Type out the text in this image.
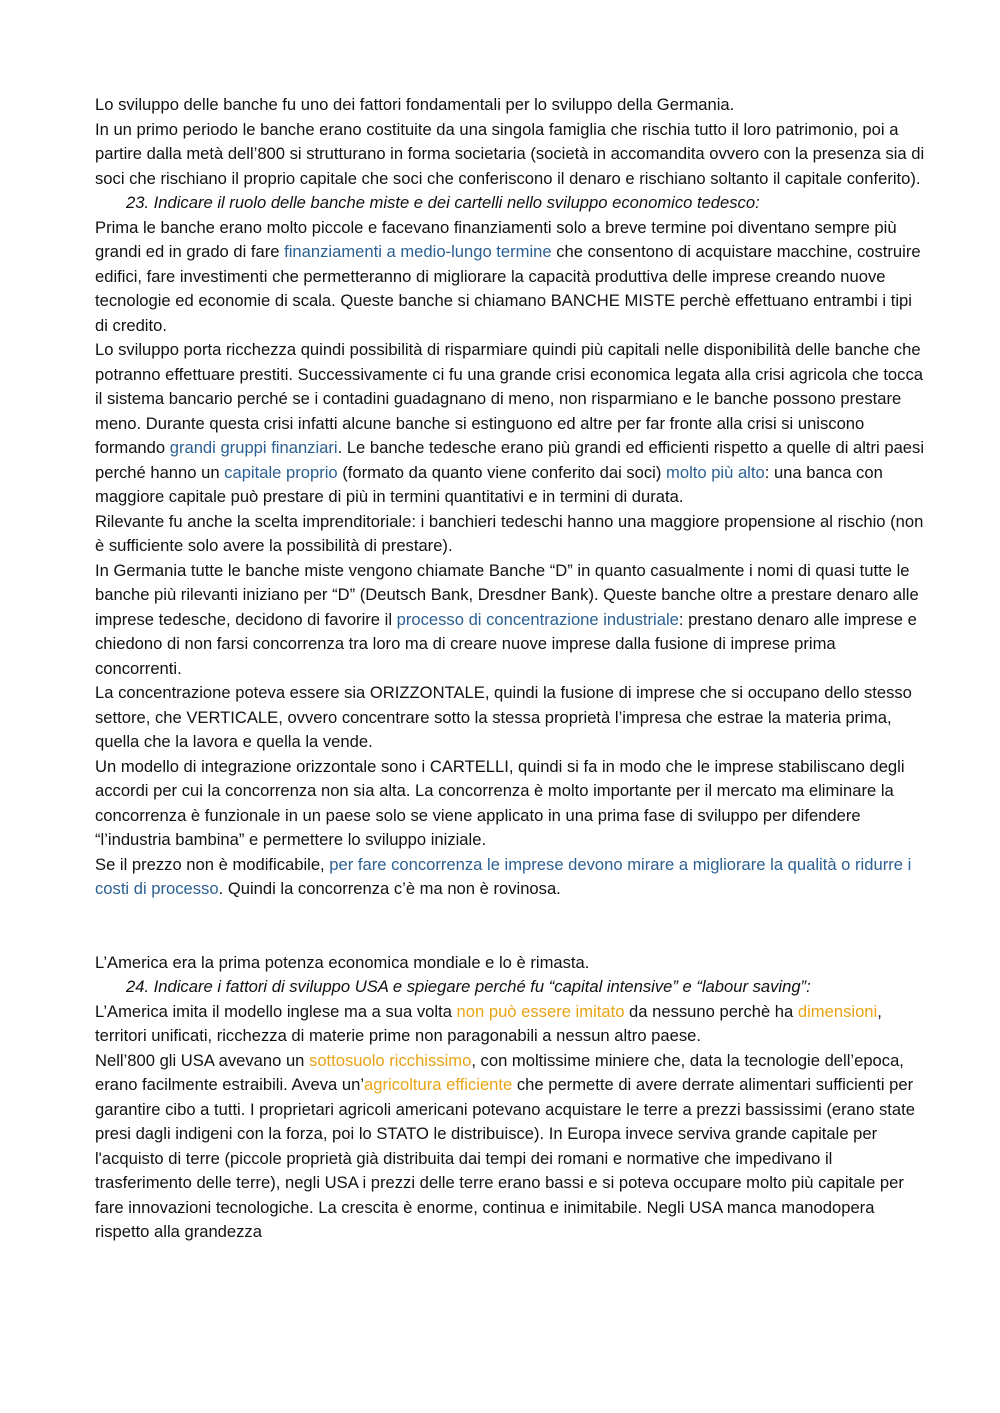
Lo sviluppo delle banche fu uno dei fattori fondamentali per lo sviluppo della Germania.

In un primo periodo le banche erano costituite da una singola famiglia che rischia tutto il loro patrimonio, poi a partire dalla metà dell’800 si strutturano in forma societaria (società in accomandita ovvero con la presenza sia di soci che rischiano il proprio capitale che soci che conferiscono il denaro e rischiano soltanto il capitale conferito).

23. Indicare il ruolo delle banche miste e dei cartelli nello sviluppo economico tedesco:

Prima le banche erano molto piccole e facevano finanziamenti solo a breve termine poi diventano sempre più grandi ed in grado di fare finanziamenti a medio-lungo termine che consentono di acquistare macchine, costruire edifici, fare investimenti che permetteranno di migliorare la capacità produttiva delle imprese creando nuove tecnologie ed economie di scala. Queste banche si chiamano BANCHE MISTE perchè effettuano entrambi i tipi di credito.

Lo sviluppo porta ricchezza quindi possibilità di risparmiare quindi più capitali nelle disponibilità delle banche che potranno effettuare prestiti. Successivamente ci fu una grande crisi economica legata alla crisi agricola che tocca il sistema bancario perché se i contadini guadagnano di meno, non risparmiano e le banche possono prestare meno. Durante questa crisi infatti alcune banche si estinguono ed altre per far fronte alla crisi si uniscono formando grandi gruppi finanziari. Le banche tedesche erano più grandi ed efficienti rispetto a quelle di altri paesi perché hanno un capitale proprio (formato da quanto viene conferito dai soci) molto più alto: una banca con maggiore capitale può prestare di più in termini quantitativi e in termini di durata.

Rilevante fu anche la scelta imprenditoriale: i banchieri tedeschi hanno una maggiore propensione al rischio (non è sufficiente solo avere la possibilità di prestare).

In Germania tutte le banche miste vengono chiamate Banche “D” in quanto casualmente i nomi di quasi tutte le banche più rilevanti iniziano per “D” (Deutsch Bank, Dresdner Bank). Queste banche oltre a prestare denaro alle imprese tedesche, decidono di favorire il processo di concentrazione industriale: prestano denaro alle imprese e chiedono di non farsi concorrenza tra loro ma di creare nuove imprese dalla fusione di imprese prima concorrenti.

La concentrazione poteva essere sia ORIZZONTALE, quindi la fusione di imprese che si occupano dello stesso settore, che VERTICALE, ovvero concentrare sotto la stessa proprietà l’impresa che estrae la materia prima, quella che la lavora e quella la vende.

Un modello di integrazione orizzontale sono i CARTELLI, quindi si fa in modo che le imprese stabiliscano degli accordi per cui la concorrenza non sia alta. La concorrenza è molto importante per il mercato ma eliminare la concorrenza è funzionale in un paese solo se viene applicato in una prima fase di sviluppo per difendere “l’industria bambina” e permettere lo sviluppo iniziale.

Se il prezzo non è modificabile, per fare concorrenza le imprese devono mirare a migliorare la qualità o ridurre i costi di processo. Quindi la concorrenza c’è ma non è rovinosa.

L’America era la prima potenza economica mondiale e lo è rimasta.

24. Indicare i fattori di sviluppo USA e spiegare perché fu “capital intensive” e “labour saving”:

L’America imita il modello inglese ma a sua volta non può essere imitato da nessuno perchè ha dimensioni, territori unificati, ricchezza di materie prime non paragonabili a nessun altro paese.

Nell’800 gli USA avevano un sottosuolo ricchissimo, con moltissime miniere che, data la tecnologie dell’epoca, erano facilmente estraibili. Aveva un’agricoltura efficiente che permette di avere derrate alimentari sufficienti per garantire cibo a tutti. I proprietari agricoli americani potevano acquistare le terre a prezzi bassissimi (erano state presi dagli indigeni con la forza, poi lo STATO le distribuisce). In Europa invece serviva grande capitale per l'acquisto di terre (piccole proprietà già distribuita dai tempi dei romani e normative che impedivano il trasferimento delle terre), negli USA i prezzi delle terre erano bassi e si poteva occupare molto più capitale per fare innovazioni tecnologiche. La crescita è enorme, continua e inimitabile. Negli USA manca manodopera rispetto alla grandezza
